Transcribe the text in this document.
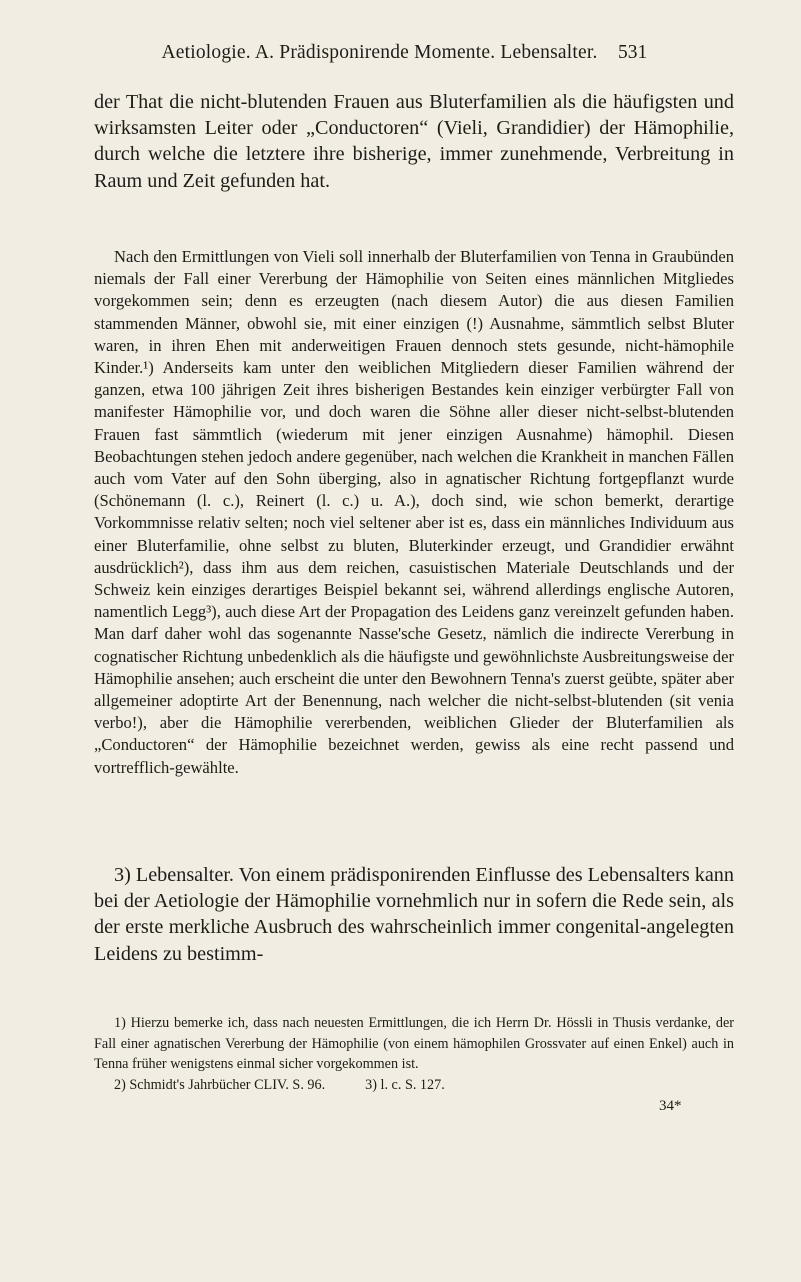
Aetiologie. A. Prädisponirende Momente. Lebensalter.	531

der That die nicht-blutenden Frauen aus Bluterfamilien als die häufigsten und wirksamsten Leiter oder „Conductoren“ (Vieli, Grandidier) der Hämophilie, durch welche die letztere ihre bisherige, immer zunehmende, Verbreitung in Raum und Zeit gefunden hat.

Nach den Ermittlungen von Vieli soll innerhalb der Bluterfamilien von Tenna in Graubünden niemals der Fall einer Vererbung der Hämophilie von Seiten eines männlichen Mitgliedes vorgekommen sein; denn es erzeugten (nach diesem Autor) die aus diesen Familien stammenden Männer, obwohl sie, mit einer einzigen (!) Ausnahme, sämmtlich selbst Bluter waren, in ihren Ehen mit anderweitigen Frauen dennoch stets gesunde, nicht-hämophile Kinder.¹) Anderseits kam unter den weiblichen Mitgliedern dieser Familien während der ganzen, etwa 100 jährigen Zeit ihres bisherigen Bestandes kein einziger verbürgter Fall von manifester Hämophilie vor, und doch waren die Söhne aller dieser nicht-selbst-blutenden Frauen fast sämmtlich (wiederum mit jener einzigen Ausnahme) hämophil. Diesen Beobachtungen stehen jedoch andere gegenüber, nach welchen die Krankheit in manchen Fällen auch vom Vater auf den Sohn überging, also in agnatischer Richtung fortgepflanzt wurde (Schönemann (l. c.), Reinert (l. c.) u. A.), doch sind, wie schon bemerkt, derartige Vorkommnisse relativ selten; noch viel seltener aber ist es, dass ein männliches Individuum aus einer Bluterfamilie, ohne selbst zu bluten, Bluterkinder erzeugt, und Grandidier erwähnt ausdrücklich²), dass ihm aus dem reichen, casuistischen Materiale Deutschlands und der Schweiz kein einziges derartiges Beispiel bekannt sei, während allerdings englische Autoren, namentlich Legg³), auch diese Art der Propagation des Leidens ganz vereinzelt gefunden haben. Man darf daher wohl das sogenannte Nasse'sche Gesetz, nämlich die indirecte Vererbung in cognatischer Richtung unbedenklich als die häufigste und gewöhnlichste Ausbreitungsweise der Hämophilie ansehen; auch erscheint die unter den Bewohnern Tenna's zuerst geübte, später aber allgemeiner adoptirte Art der Benennung, nach welcher die nicht-selbst-blutenden (sit venia verbo!), aber die Hämophilie vererbenden, weiblichen Glieder der Bluterfamilien als „Conductoren“ der Hämophilie bezeichnet werden, gewiss als eine recht passend und vortrefflich-gewählte.

3) Lebensalter. Von einem prädisponirenden Einflusse des Lebensalters kann bei der Aetiologie der Hämophilie vornehmlich nur in sofern die Rede sein, als der erste merkliche Ausbruch des wahrscheinlich immer congenital-angelegten Leidens zu bestimm-

1) Hierzu bemerke ich, dass nach neuesten Ermittlungen, die ich Herrn Dr. Hössli in Thusis verdanke, der Fall einer agnatischen Vererbung der Hämophilie (von einem hämophilen Grossvater auf einen Enkel) auch in Tenna früher wenigstens einmal sicher vorgekommen ist.

2) Schmidt's Jahrbücher CLIV. S. 96.	3) l. c. S. 127.
34*
